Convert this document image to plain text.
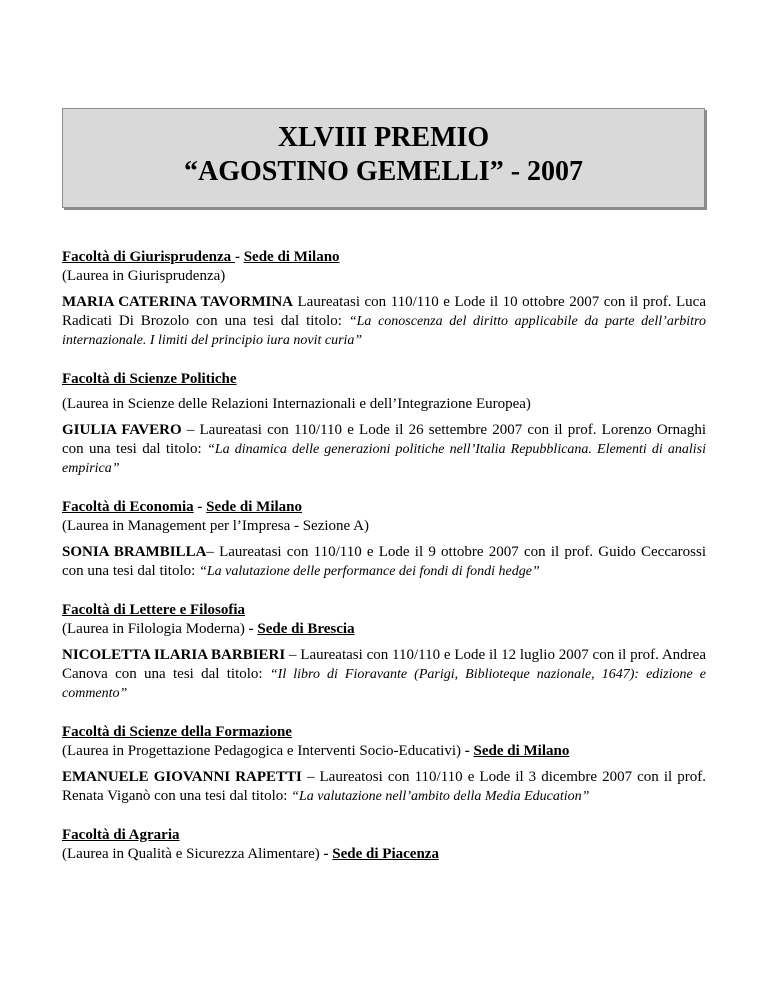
XLVIII PREMIO
“AGOSTINO GEMELLI” - 2007
Facoltà di Giurisprudenza - Sede di Milano
(Laurea in Giurisprudenza)
MARIA CATERINA TAVORMINA Laureatasi con 110/110 e Lode il 10 ottobre 2007 con il prof. Luca Radicati Di Brozolo con una tesi dal titolo: “La conoscenza del diritto applicabile da parte dell’arbitro internazionale. I limiti del principio iura novit curia”
Facoltà di Scienze Politiche
(Laurea in Scienze delle Relazioni Internazionali e dell’Integrazione Europea)
GIULIA FAVERO – Laureatasi con 110/110 e Lode il 26 settembre 2007 con il prof. Lorenzo Ornaghi con una tesi dal titolo: “La dinamica delle generazioni politiche nell’Italia Repubblicana. Elementi di analisi empirica”
Facoltà di Economia - Sede di Milano
(Laurea in Management per l’Impresa - Sezione A)
SONIA BRAMBILLA– Laureatasi con 110/110 e Lode il 9 ottobre 2007 con il prof. Guido Ceccarossi con una tesi dal titolo: “La valutazione delle performance dei fondi di fondi hedge”
Facoltà di Lettere e Filosofia
(Laurea in Filologia Moderna) - Sede di Brescia
NICOLETTA ILARIA BARBIERI – Laureatasi con 110/110 e Lode il 12 luglio 2007 con il prof. Andrea Canova con una tesi dal titolo: “Il libro di Fioravante (Parigi, Biblioteque nazionale, 1647): edizione e commento”
Facoltà di Scienze della Formazione
(Laurea in Progettazione Pedagogica e Interventi Socio-Educativi) - Sede di Milano
EMANUELE GIOVANNI RAPETTI – Laureatosi con 110/110 e Lode il 3 dicembre 2007 con il prof. Renata Viganò con una tesi dal titolo: “La valutazione nell’ambito della Media Education”
Facoltà di Agraria
(Laurea in Qualità e Sicurezza Alimentare) - Sede di Piacenza
